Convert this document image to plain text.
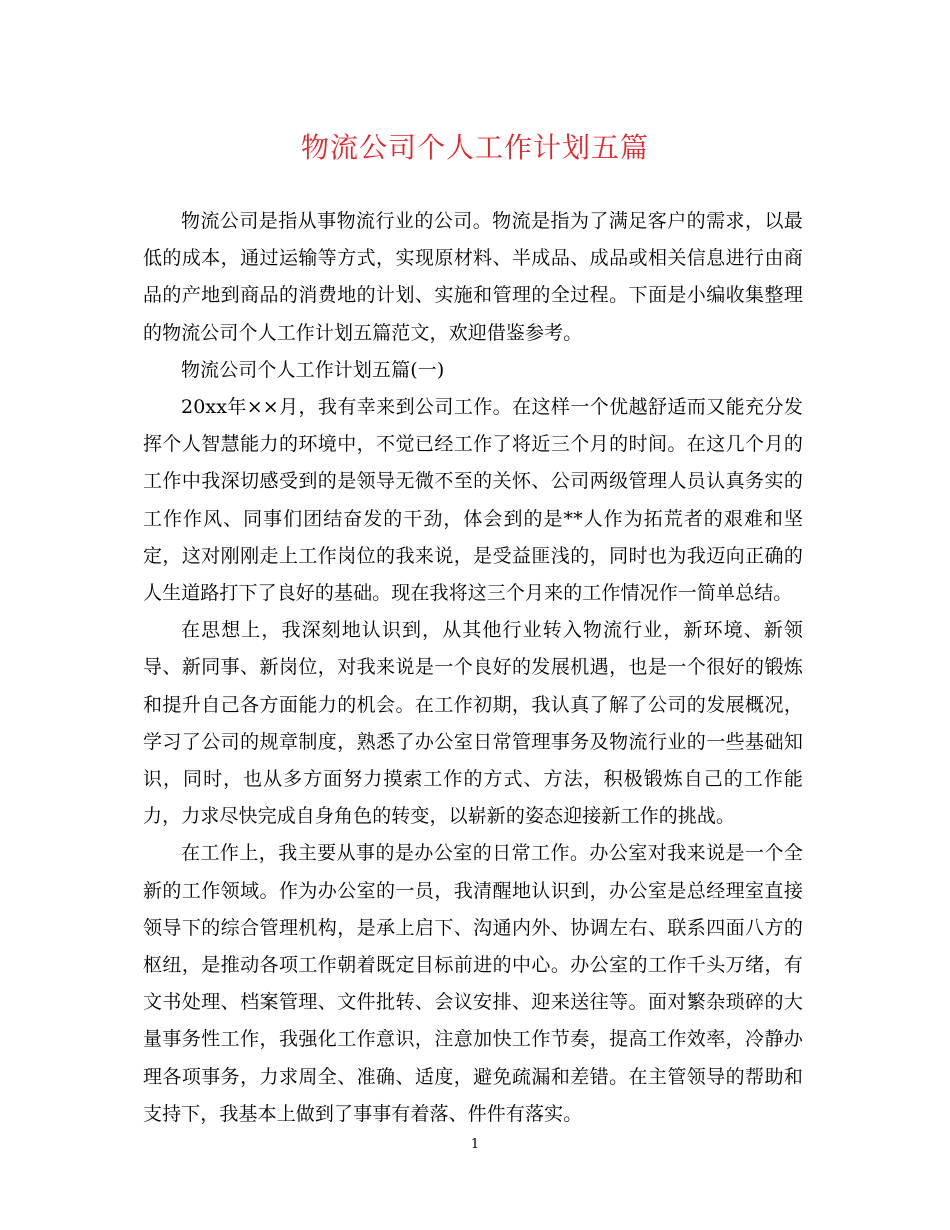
物流公司个人工作计划五篇

物流公司是指从事物流行业的公司。物流是指为了满足客户的需求，以最低的成本，通过运输等方式，实现原材料、半成品、成品或相关信息进行由商品的产地到商品的消费地的计划、实施和管理的全过程。下面是小编收集整理的物流公司个人工作计划五篇范文，欢迎借鉴参考。

物流公司个人工作计划五篇(一)

20xx年××月，我有幸来到公司工作。在这样一个优越舒适而又能充分发挥个人智慧能力的环境中，不觉已经工作了将近三个月的时间。在这几个月的工作中我深切感受到的是领导无微不至的关怀、公司两级管理人员认真务实的工作作风、同事们团结奋发的干劲，体会到的是**人作为拓荒者的艰难和坚定，这对刚刚走上工作岗位的我来说，是受益匪浅的，同时也为我迈向正确的人生道路打下了良好的基础。现在我将这三个月来的工作情况作一简单总结。

在思想上，我深刻地认识到，从其他行业转入物流行业，新环境、新领导、新同事、新岗位，对我来说是一个良好的发展机遇，也是一个很好的锻炼和提升自己各方面能力的机会。在工作初期，我认真了解了公司的发展概况，学习了公司的规章制度，熟悉了办公室日常管理事务及物流行业的一些基础知识，同时，也从多方面努力摸索工作的方式、方法，积极锻炼自己的工作能力，力求尽快完成自身角色的转变，以崭新的姿态迎接新工作的挑战。

在工作上，我主要从事的是办公室的日常工作。办公室对我来说是一个全新的工作领域。作为办公室的一员，我清醒地认识到，办公室是总经理室直接领导下的综合管理机构，是承上启下、沟通内外、协调左右、联系四面八方的枢纽，是推动各项工作朝着既定目标前进的中心。办公室的工作千头万绪，有文书处理、档案管理、文件批转、会议安排、迎来送往等。面对繁杂琐碎的大量事务性工作，我强化工作意识，注意加快工作节奏，提高工作效率，冷静办理各项事务，力求周全、准确、适度，避免疏漏和差错。在主管领导的帮助和支持下，我基本上做到了事事有着落、件件有落实。

1
